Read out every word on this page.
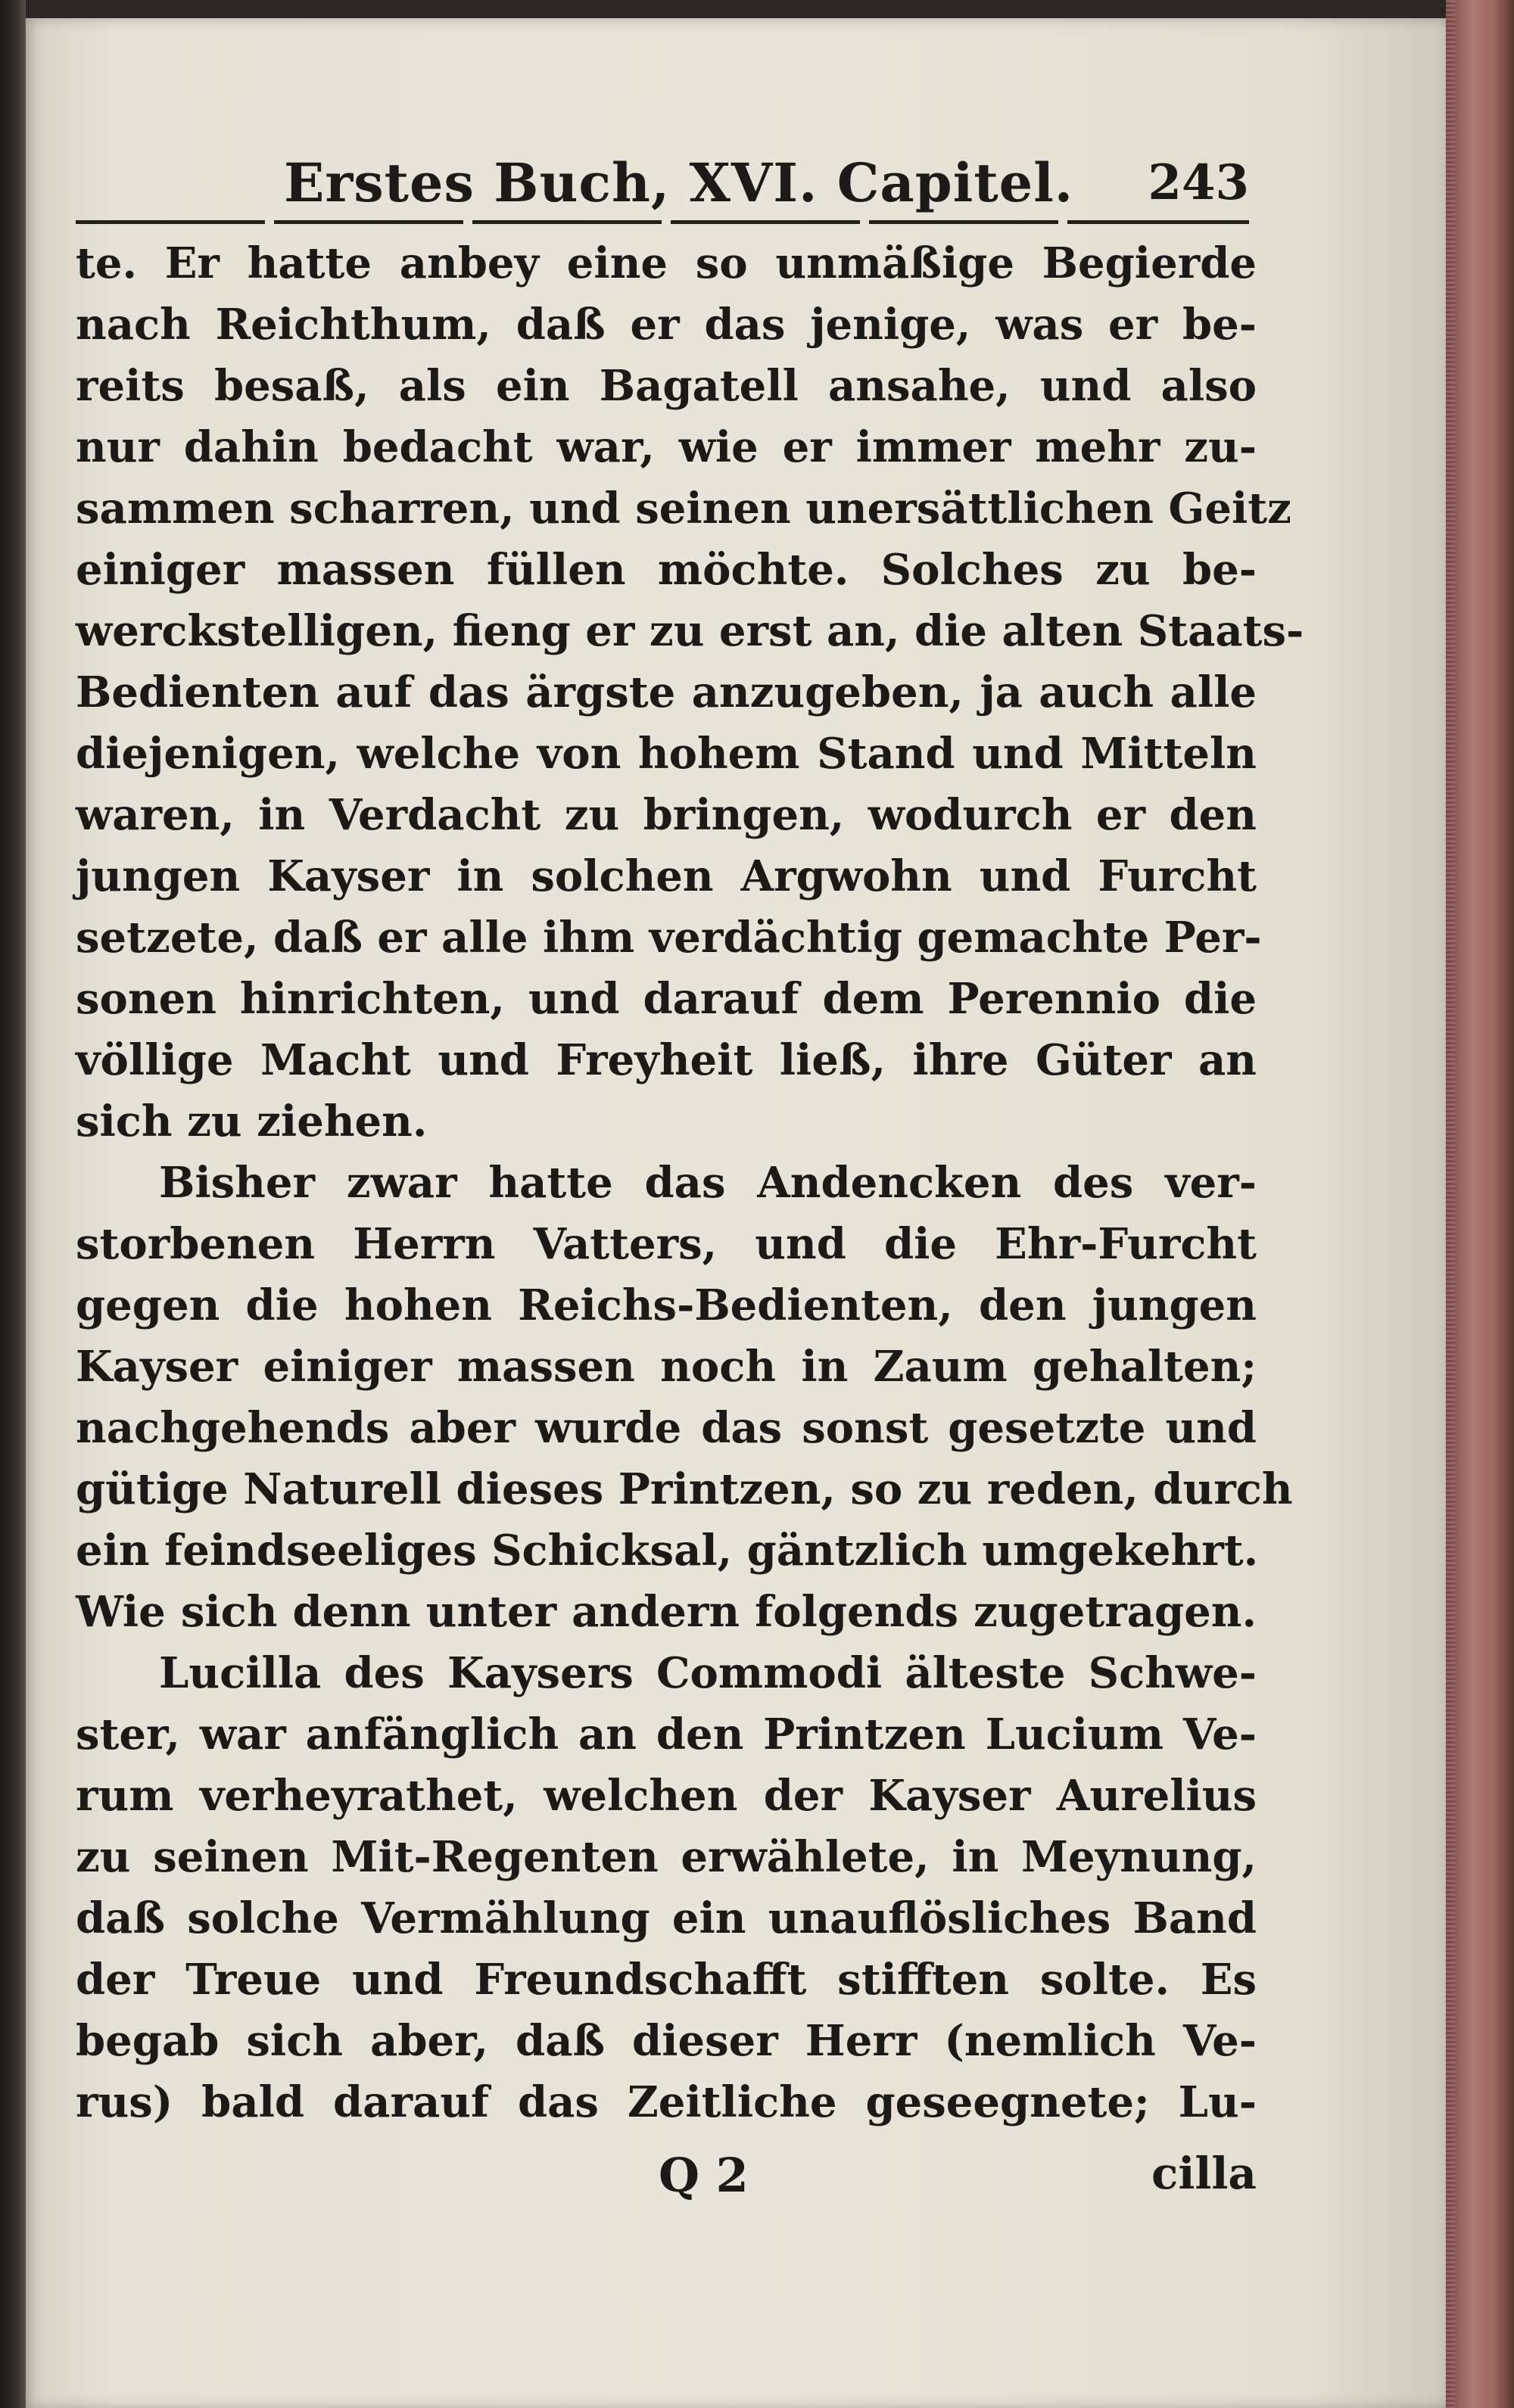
Erstes Buch, XVI. Capitel. 243
te. Er hatte anbey eine so unmäßige Begierde
nach Reichthum, daß er das jenige, was er be-
reits besaß, als ein Bagatell ansahe, und also
nur dahin bedacht war, wie er immer mehr zu-
sammen scharren, und seinen unersättlichen Geitz
einiger massen füllen möchte. Solches zu be-
werckstelligen, fieng er zu erst an, die alten Staats-
Bedienten auf das ärgste anzugeben, ja auch alle
diejenigen, welche von hohem Stand und Mitteln
waren, in Verdacht zu bringen, wodurch er den
jungen Kayser in solchen Argwohn und Furcht
setzete, daß er alle ihm verdächtig gemachte Per-
sonen hinrichten, und darauf dem Perennio die
völlige Macht und Freyheit ließ, ihre Güter an
sich zu ziehen.
Bisher zwar hatte das Andencken des ver-
storbenen Herrn Vatters, und die Ehr-Furcht
gegen die hohen Reichs-Bedienten, den jungen
Kayser einiger massen noch in Zaum gehalten;
nachgehends aber wurde das sonst gesetzte und
gütige Naturell dieses Printzen, so zu reden, durch
ein feindseeliges Schicksal, gäntzlich umgekehrt.
Wie sich denn unter andern folgends zugetragen.
Lucilla des Kaysers Commodi älteste Schwe-
ster, war anfänglich an den Printzen Lucium Ve-
rum verheyrathet, welchen der Kayser Aurelius
zu seinen Mit-Regenten erwählete, in Meynung,
daß solche Vermählung ein unauflösliches Band
der Treue und Freundschafft stifften solte. Es
begab sich aber, daß dieser Herr (nemlich Ve-
rus) bald darauf das Zeitliche geseegnete; Lu-
Q 2	cilla
